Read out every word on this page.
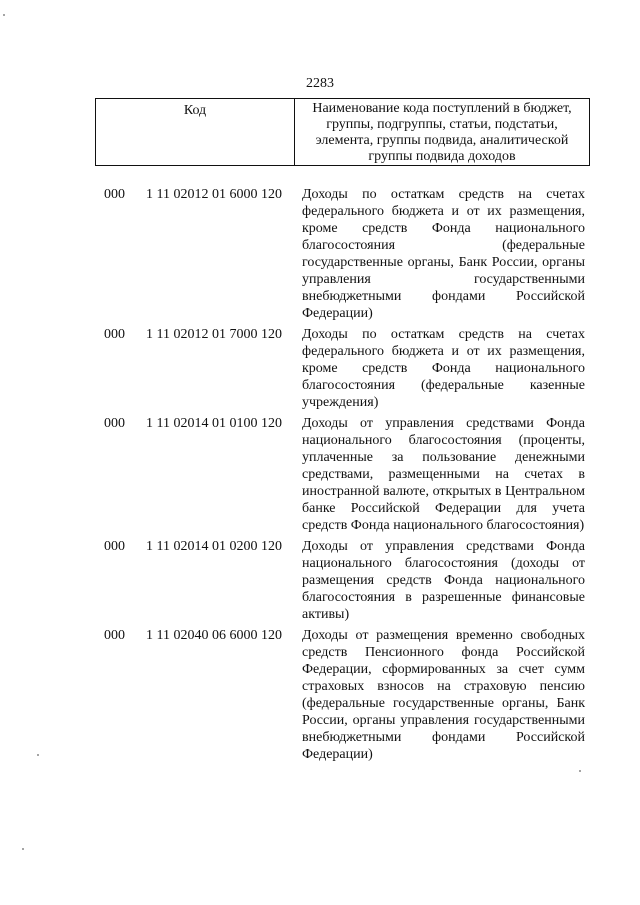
2283
Код	Наименование кода поступлений в бюджет, группы, подгруппы, статьи, подстатьи, элемента, группы подвида, аналитической группы подвида доходов
000 1 11 02012 01 6000 120 Доходы по остаткам средств на счетах федерального бюджета и от их размещения, кроме средств Фонда национального благосостояния (федеральные государственные органы, Банк России, органы управления государственными внебюджетными фондами Российской Федерации)
000 1 11 02012 01 7000 120 Доходы по остаткам средств на счетах федерального бюджета и от их размещения, кроме средств Фонда национального благосостояния (федеральные казенные учреждения)
000 1 11 02014 01 0100 120 Доходы от управления средствами Фонда национального благосостояния (проценты, уплаченные за пользование денежными средствами, размещенными на счетах в иностранной валюте, открытых в Центральном банке Российской Федерации для учета средств Фонда национального благосостояния)
000 1 11 02014 01 0200 120 Доходы от управления средствами Фонда национального благосостояния (доходы от размещения средств Фонда национального благосостояния в разрешенные финансовые активы)
000 1 11 02040 06 6000 120 Доходы от размещения временно свободных средств Пенсионного фонда Российской Федерации, сформированных за счет сумм страховых взносов на страховую пенсию (федеральные государственные органы, Банк России, органы управления государственными внебюджетными фондами Российской Федерации)
